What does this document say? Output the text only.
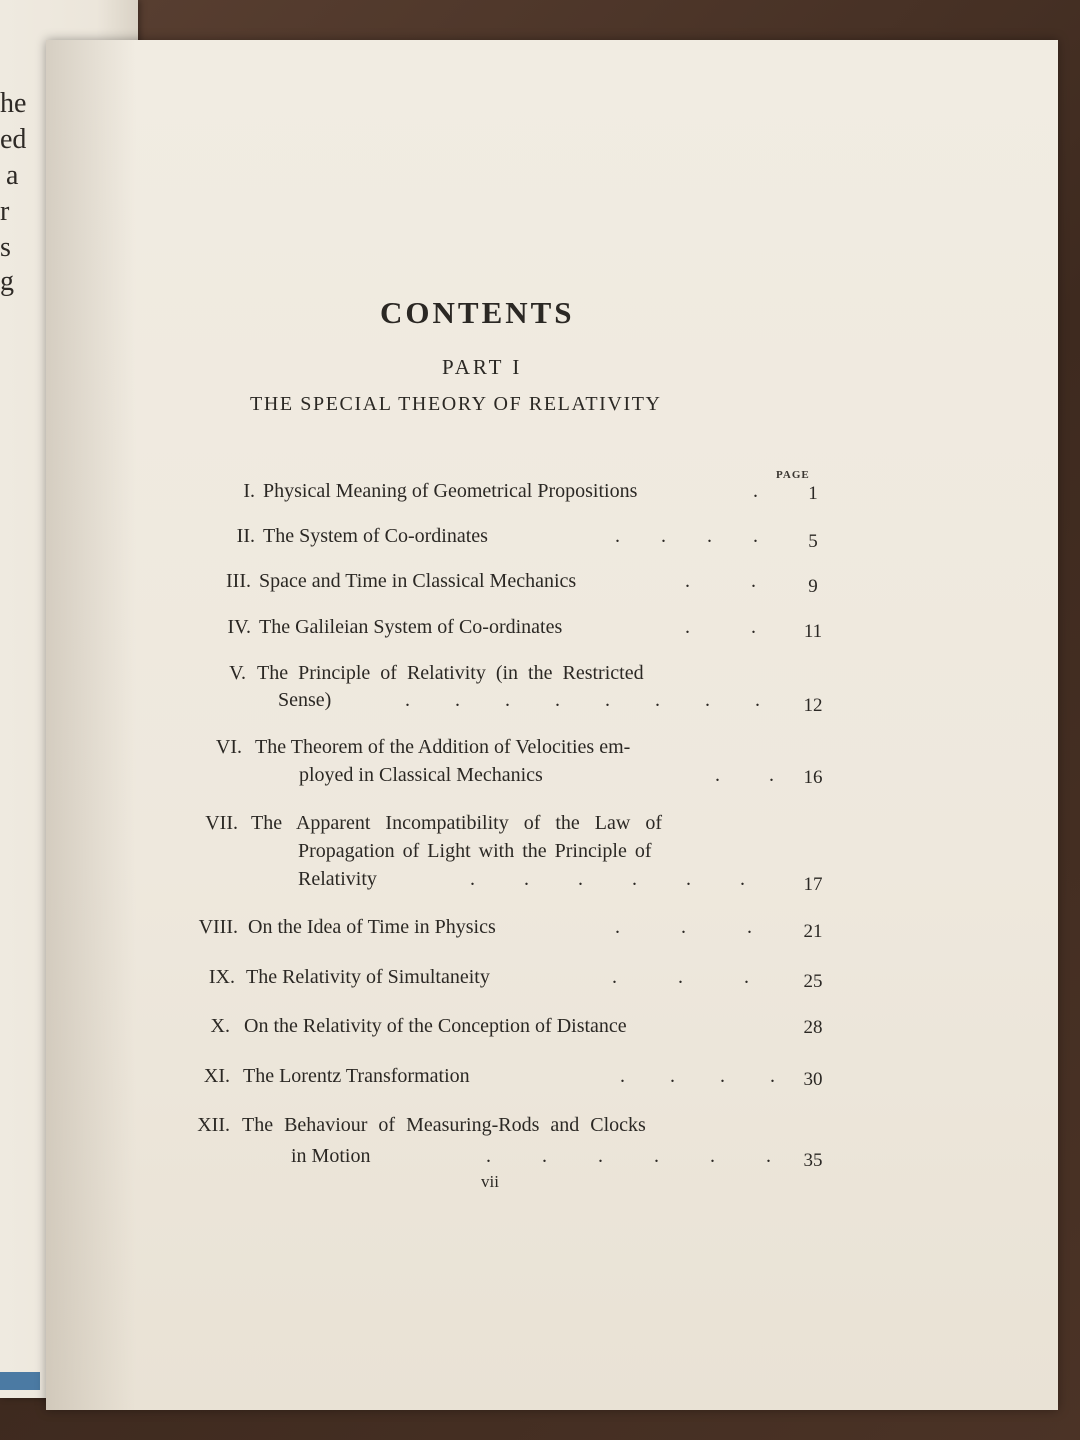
he
ed
a
r
s
g
CONTENTS
PART I
THE SPECIAL THEORY OF RELATIVITY
PAGE
I. Physical Meaning of Geometrical Propositions	.	1
II. The System of Co-ordinates	. . . .	5
III. Space and Time in Classical Mechanics	. .	9
IV. The Galileian System of Co-ordinates	. .	11
V. The Principle of Relativity (in the Restricted
Sense)	. . . . . . . .	12
VI. The Theorem of the Addition of Velocities em-
ployed in Classical Mechanics	. .	16
VII. The Apparent Incompatibility of the Law of
Propagation of Light with the Principle of
Relativity	. . . . . .	17
VIII. On the Idea of Time in Physics	. . .	21
IX. The Relativity of Simultaneity	. . .	25
X. On the Relativity of the Conception of Distance	28
XI. The Lorentz Transformation	. . . .	30
XII. The Behaviour of Measuring-Rods and Clocks
in Motion	. . . . . .	35
vii
